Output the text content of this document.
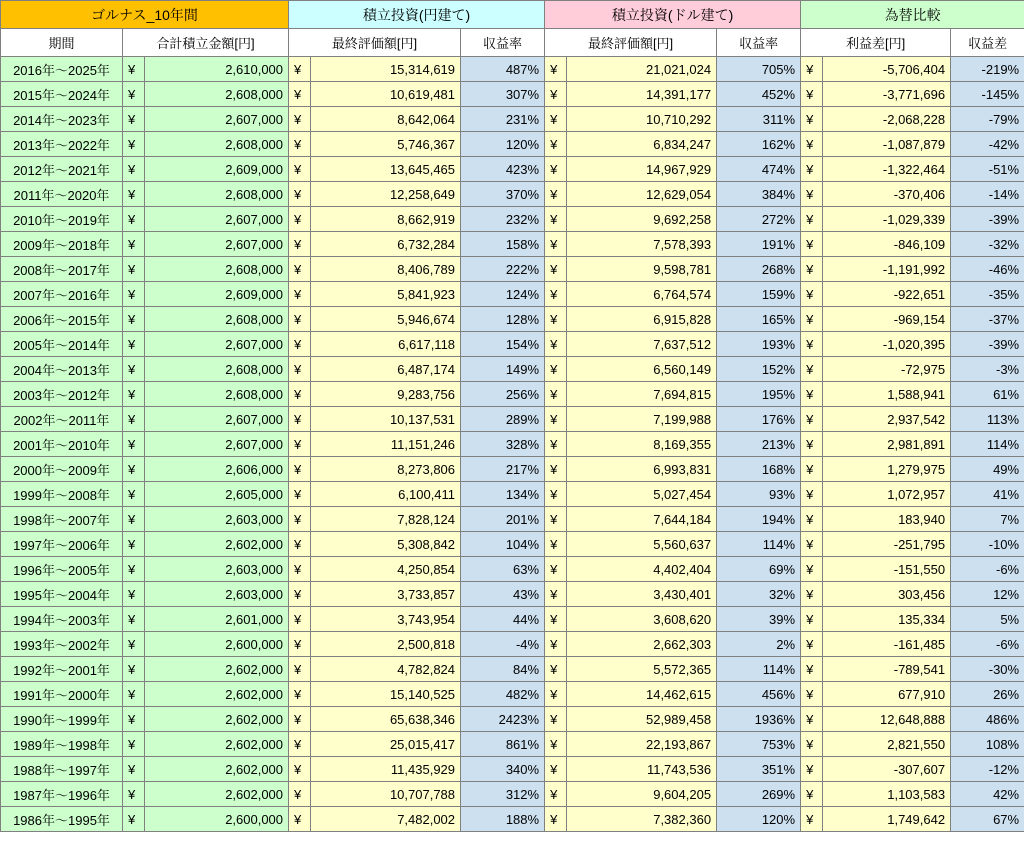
ゴルナス_10年間			積立投資(円建て)			積立投資(ドル建て)			為替比較		
期間	合計積立金額[円]		最終評価額[円]		収益率	最終評価額[円]		収益率	利益差[円]		収益差
2016年〜2025年	¥	2,610,000	¥	15,314,619	487%	¥	21,021,024	705%	¥	-5,706,404	-219%
2015年〜2024年	¥	2,608,000	¥	10,619,481	307%	¥	14,391,177	452%	¥	-3,771,696	-145%
2014年〜2023年	¥	2,607,000	¥	8,642,064	231%	¥	10,710,292	311%	¥	-2,068,228	-79%
2013年〜2022年	¥	2,608,000	¥	5,746,367	120%	¥	6,834,247	162%	¥	-1,087,879	-42%
2012年〜2021年	¥	2,609,000	¥	13,645,465	423%	¥	14,967,929	474%	¥	-1,322,464	-51%
2011年〜2020年	¥	2,608,000	¥	12,258,649	370%	¥	12,629,054	384%	¥	-370,406	-14%
2010年〜2019年	¥	2,607,000	¥	8,662,919	232%	¥	9,692,258	272%	¥	-1,029,339	-39%
2009年〜2018年	¥	2,607,000	¥	6,732,284	158%	¥	7,578,393	191%	¥	-846,109	-32%
2008年〜2017年	¥	2,608,000	¥	8,406,789	222%	¥	9,598,781	268%	¥	-1,191,992	-46%
2007年〜2016年	¥	2,609,000	¥	5,841,923	124%	¥	6,764,574	159%	¥	-922,651	-35%
2006年〜2015年	¥	2,608,000	¥	5,946,674	128%	¥	6,915,828	165%	¥	-969,154	-37%
2005年〜2014年	¥	2,607,000	¥	6,617,118	154%	¥	7,637,512	193%	¥	-1,020,395	-39%
2004年〜2013年	¥	2,608,000	¥	6,487,174	149%	¥	6,560,149	152%	¥	-72,975	-3%
2003年〜2012年	¥	2,608,000	¥	9,283,756	256%	¥	7,694,815	195%	¥	1,588,941	61%
2002年〜2011年	¥	2,607,000	¥	10,137,531	289%	¥	7,199,988	176%	¥	2,937,542	113%
2001年〜2010年	¥	2,607,000	¥	11,151,246	328%	¥	8,169,355	213%	¥	2,981,891	114%
2000年〜2009年	¥	2,606,000	¥	8,273,806	217%	¥	6,993,831	168%	¥	1,279,975	49%
1999年〜2008年	¥	2,605,000	¥	6,100,411	134%	¥	5,027,454	93%	¥	1,072,957	41%
1998年〜2007年	¥	2,603,000	¥	7,828,124	201%	¥	7,644,184	194%	¥	183,940	7%
1997年〜2006年	¥	2,602,000	¥	5,308,842	104%	¥	5,560,637	114%	¥	-251,795	-10%
1996年〜2005年	¥	2,603,000	¥	4,250,854	63%	¥	4,402,404	69%	¥	-151,550	-6%
1995年〜2004年	¥	2,603,000	¥	3,733,857	43%	¥	3,430,401	32%	¥	303,456	12%
1994年〜2003年	¥	2,601,000	¥	3,743,954	44%	¥	3,608,620	39%	¥	135,334	5%
1993年〜2002年	¥	2,600,000	¥	2,500,818	-4%	¥	2,662,303	2%	¥	-161,485	-6%
1992年〜2001年	¥	2,602,000	¥	4,782,824	84%	¥	5,572,365	114%	¥	-789,541	-30%
1991年〜2000年	¥	2,602,000	¥	15,140,525	482%	¥	14,462,615	456%	¥	677,910	26%
1990年〜1999年	¥	2,602,000	¥	65,638,346	2423%	¥	52,989,458	1936%	¥	12,648,888	486%
1989年〜1998年	¥	2,602,000	¥	25,015,417	861%	¥	22,193,867	753%	¥	2,821,550	108%
1988年〜1997年	¥	2,602,000	¥	11,435,929	340%	¥	11,743,536	351%	¥	-307,607	-12%
1987年〜1996年	¥	2,602,000	¥	10,707,788	312%	¥	9,604,205	269%	¥	1,103,583	42%
1986年〜1995年	¥	2,600,000	¥	7,482,002	188%	¥	7,382,360	120%	¥	1,749,642	67%
